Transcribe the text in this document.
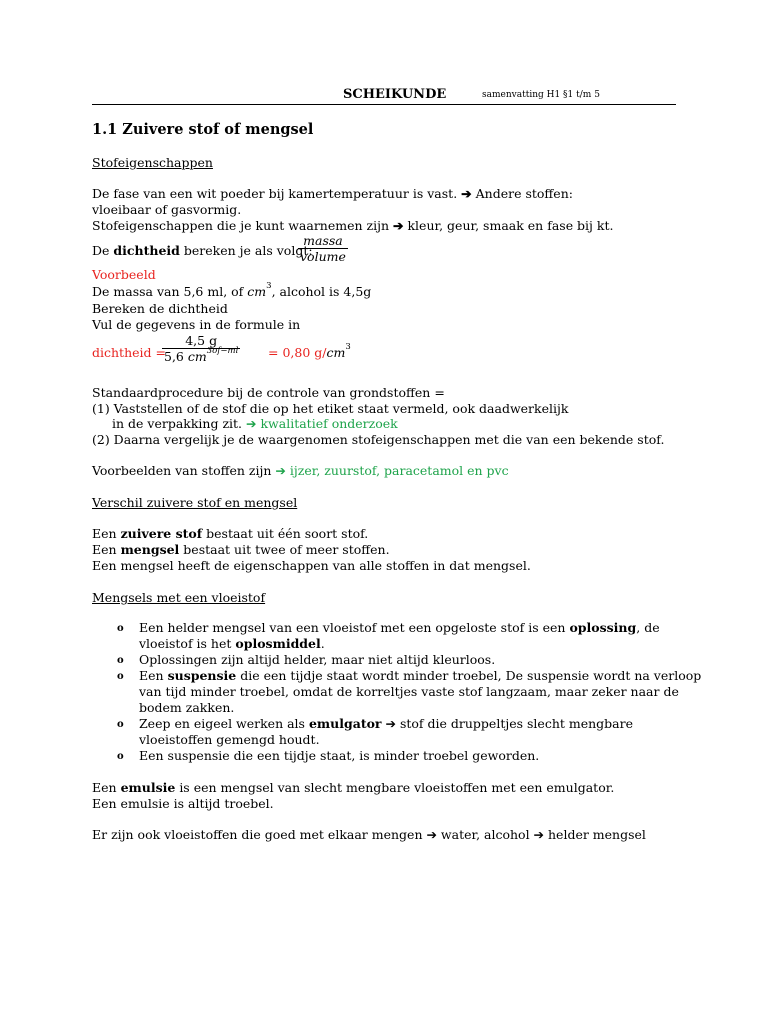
SCHEIKUNDE	samenvatting H1 §1 t/m 5
1.1 Zuivere stof of mengsel
Stofeigenschappen
De fase van een wit poeder bij kamertemperatuur is vast. ➔ Andere stoffen:
vloeibaar of gasvormig.
Stofeigenschappen die je kunt waarnemen zijn ➔ kleur, geur, smaak en fase bij kt.
De dichtheid bereken je als volgt:
massa
volume
Voorbeeld
De massa van 5,6 ml, of $cm^3$, alcohol is 4,5g
Bereken de dichtheid
Vul de gegevens in de formule in
dichtheid =
4,5 g
5,6 $cm^{3of-ml} = 0,80$ $g/cm^3$
Standaardprocedure bij de controle van grondstoffen =
(1) Vaststellen of de stof die op het etiket staat vermeld, ook daadwerkelijk
in de verpakking zit. ➔ kwalitatief onderzoek
(2) Daarna vergelijk je de waargenomen stofeigenschappen met die van een bekende stof.
Voorbeelden van stoffen zijn ➔ ijzer, zuurstof, paracetamol en pvc
Verschil zuivere stof en mengsel
Een zuivere stof bestaat uit één soort stof.
Een mengsel bestaat uit twee of meer stoffen.
Een mengsel heeft de eigenschappen van alle stoffen in dat mengsel.
Mengsels met een vloeistof
o Een helder mengsel van een vloeistof met een opgeloste stof is een oplossing, de
vloeistof is het oplosmiddel.
o Oplossingen zijn altijd helder, maar niet altijd kleurloos.
o Een suspensie die een tijdje staat wordt minder troebel, De suspensie wordt na verloop
van tijd minder troebel, omdat de korreltjes vaste stof langzaam, maar zeker naar de
bodem zakken.
o Zeep en eigeel werken als emulgator ➔ stof die druppeltjes slecht mengbare
vloeistoffen gemengd houdt.
o Een suspensie die een tijdje staat, is minder troebel geworden.
Een emulsie is een mengsel van slecht mengbare vloeistoffen met een emulgator.
Een emulsie is altijd troebel.
Er zijn ook vloeistoffen die goed met elkaar mengen ➔ water, alcohol ➔ helder mengsel
